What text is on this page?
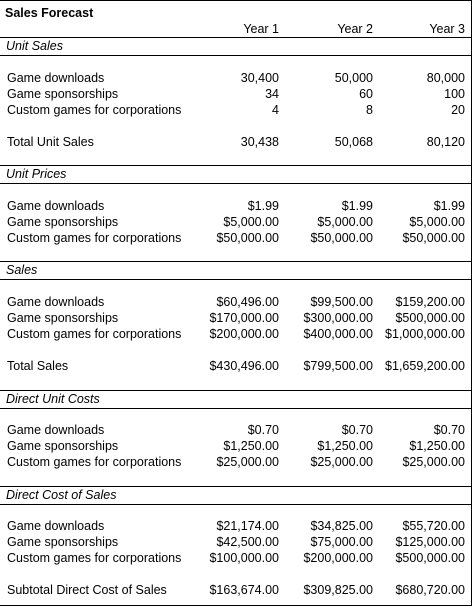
Sales Forecast
Year 1	Year 2	Year 3
Unit Sales
Game downloads	30,400	50,000	80,000
Game sponsorships	34	60	100
Custom games for corporations	4	8	20
Total Unit Sales	30,438	50,068	80,120
Unit Prices
Game downloads	$1.99	$1.99	$1.99
Game sponsorships	$5,000.00	$5,000.00	$5,000.00
Custom games for corporations	$50,000.00	$50,000.00 $50,000.00
Sales
Game downloads	$60,496.00	$99,500.00 $159,200.00
Game sponsorships	$170,000.00 $300,000.00 $500,000.00
Custom games for corporations $200,000.00 $400,000.00 $1,000,000.00
Total Sales	$430,496.00 $799,500.00 $1,659,200.00
Direct Unit Costs
Game downloads	$0.70	$0.70	$0.70
Game sponsorships	$1,250.00	$1,250.00	$1,250.00
Custom games for corporations	$25,000.00	$25,000.00 $25,000.00
Direct Cost of Sales
Game downloads	$21,174.00	$34,825.00 $55,720.00
Game sponsorships	$42,500.00	$75,000.00 $125,000.00
Custom games for corporations $100,000.00 $200,000.00 $500,000.00
Subtotal Direct Cost of Sales	$163,674.00 $309,825.00 $680,720.00
